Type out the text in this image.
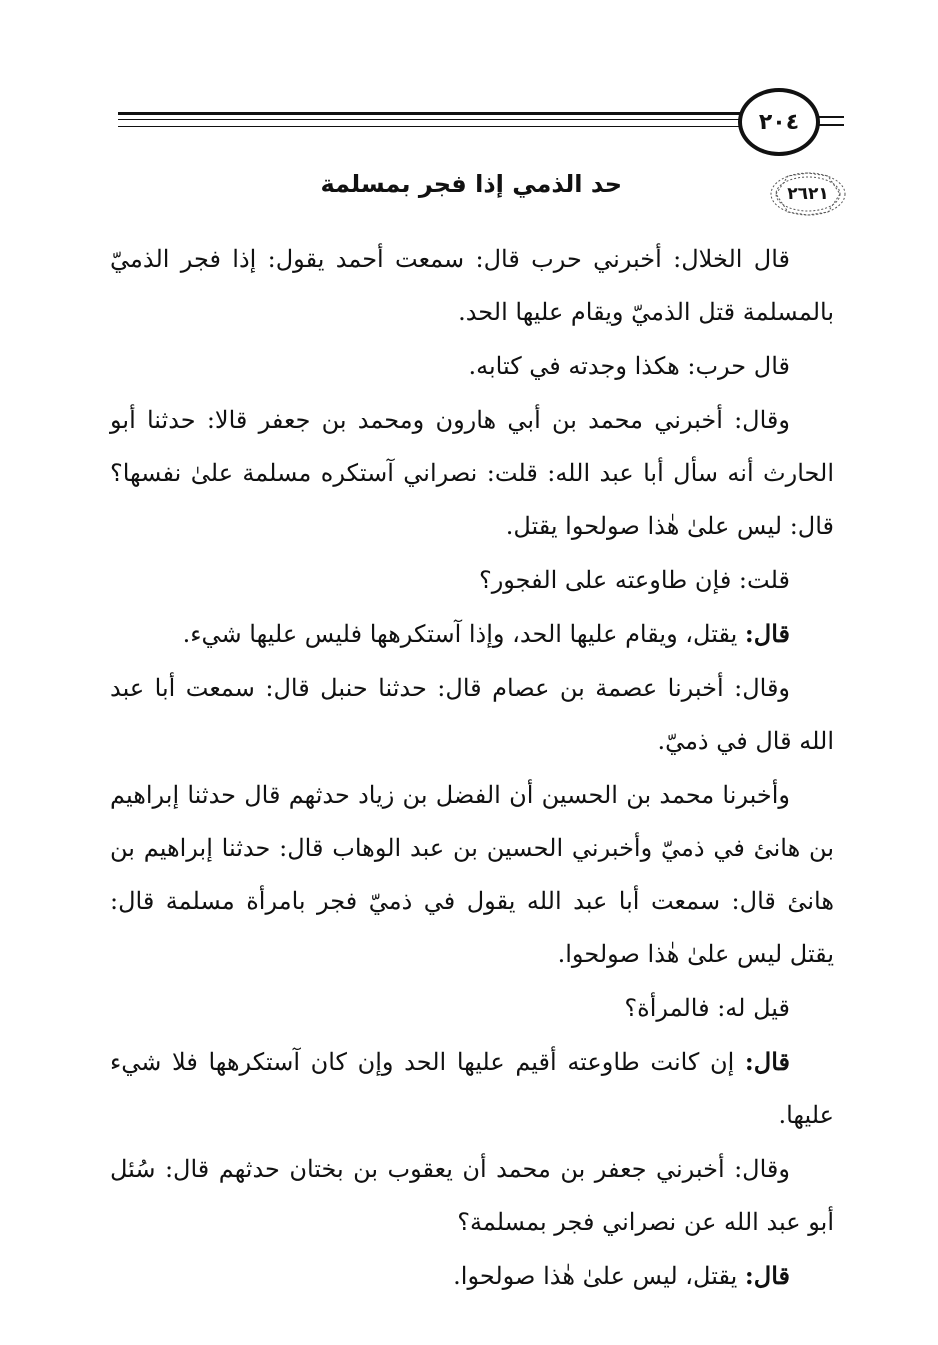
٢٠٤
٢٦٢١
حد الذمي إذا فجر بمسلمة

قال الخلال: أخبرني حرب قال: سمعت أحمد يقول: إذا فجر الذميّ بالمسلمة قتل الذميّ ويقام عليها الحد.

قال حرب: هكذا وجدته في كتابه.

وقال: أخبرني محمد بن أبي هارون ومحمد بن جعفر قالا: حدثنا أبو الحارث أنه سأل أبا عبد الله: قلت: نصراني آستكره مسلمة علىٰ نفسها؟ قال: ليس علىٰ هٰذا صولحوا يقتل.

قلت: فإن طاوعته على الفجور؟

قال: يقتل، ويقام عليها الحد، وإذا آستكرهها فليس عليها شيء.

وقال: أخبرنا عصمة بن عصام قال: حدثنا حنبل قال: سمعت أبا عبد الله قال في ذميّ.

وأخبرنا محمد بن الحسين أن الفضل بن زياد حدثهم قال حدثنا إبراهيم بن هانئ في ذميّ وأخبرني الحسين بن عبد الوهاب قال: حدثنا إبراهيم بن هانئ قال: سمعت أبا عبد الله يقول في ذميّ فجر بامرأة مسلمة قال: يقتل ليس علىٰ هٰذا صولحوا.

قيل له: فالمرأة؟

قال: إن كانت طاوعته أقيم عليها الحد وإن كان آستكرهها فلا شيء عليها.

وقال: أخبرني جعفر بن محمد أن يعقوب بن بختان حدثهم قال: سُئل أبو عبد الله عن نصراني فجر بمسلمة؟

قال: يقتل، ليس علىٰ هٰذا صولحوا.
